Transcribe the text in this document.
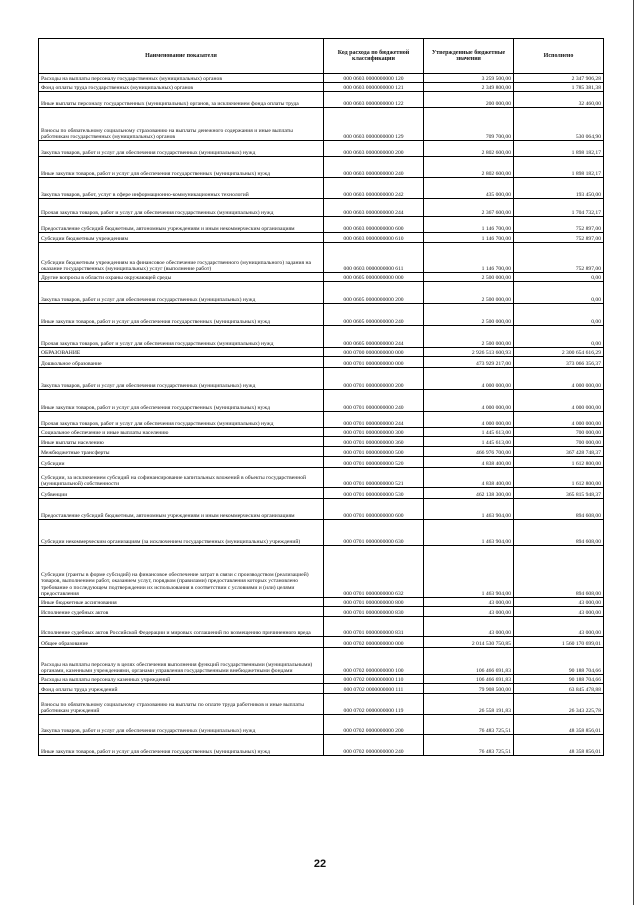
Наименование показателя	Код расхода по бюджетной классификации	Утвержденные бюджетные значения	Исполнено
Расходы на выплаты персоналу государственных (муниципальных) органов	000 0603 0000000000 120	3 259 500,00	2 347 906,28
Фонд оплаты труда государственных (муниципальных) органов	000 0603 0000000000 121	2 349 800,00	1 785 381,38
Иные выплаты персоналу государственных (муниципальных) органов, за исключением фонда оплаты труда	000 0603 0000000000 122	200 000,00	32 460,00
Взносы по обязательному социальному страхованию на выплаты денежного содержания и иные выплаты работникам государственных (муниципальных) органов	000 0603 0000000000 129	709 700,00	530 064,90
Закупка товаров, работ и услуг для обеспечения государственных (муниципальных) нужд	000 0603 0000000000 200	2 802 600,00	1 898 182,17
Иные закупки товаров, работ и услуг для обеспечения государственных (муниципальных) нужд	000 0603 0000000000 240	2 802 600,00	1 898 182,17
Закупка товаров, работ, услуг в сфере информационно-коммуникационных технологий	000 0603 0000000000 242	435 000,00	193 450,00
Прочая закупка товаров, работ и услуг для обеспечения государственных (муниципальных) нужд	000 0603 0000000000 244	2 367 600,00	1 704 732,17
Предоставление субсидий бюджетным, автономным учреждениям и иным некоммерческим организациям	000 0603 0000000000 600	1 146 700,00	752 897,00
Субсидии бюджетным учреждениям	000 0603 0000000000 610	1 146 700,00	752 897,00
Субсидии бюджетным учреждениям на финансовое обеспечение государственного (муниципального) задания на оказание государственных (муниципальных) услуг (выполнение работ)	000 0603 0000000000 611	1 146 700,00	752 897,00
Другие вопросы в области охраны окружающей среды	000 0605 0000000000 000	2 500 000,00	0,00
Закупка товаров, работ и услуг для обеспечения государственных (муниципальных) нужд	000 0605 0000000000 200	2 500 000,00	0,00
Иные закупки товаров, работ и услуг для обеспечения государственных (муниципальных) нужд	000 0605 0000000000 240	2 500 000,00	0,00
Прочая закупка товаров, работ и услуг для обеспечения государственных (муниципальных) нужд	000 0605 0000000000 244	2 500 000,00	0,00
ОБРАЗОВАНИЕ	000 0700 0000000000 000	2 926 513 600,93	2 300 654 616,29
Дошкольное образование	000 0701 0000000000 000	473 929 217,00	373 066 356,37
Закупка товаров, работ и услуг для обеспечения государственных (муниципальных) нужд	000 0701 0000000000 200	4 000 000,00	4 000 000,00
Иные закупки товаров, работ и услуг для обеспечения государственных (муниципальных) нужд	000 0701 0000000000 240	4 000 000,00	4 000 000,00
Прочая закупка товаров, работ и услуг для обеспечения государственных (муниципальных) нужд	000 0701 0000000000 244	4 000 000,00	4 000 000,00
Социальное обеспечение и иные выплаты населению	000 0701 0000000000 300	1 445 613,00	700 000,00
Иные выплаты населению	000 0701 0000000000 360	1 445 613,00	700 000,00
Межбюджетные трансферты	000 0701 0000000000 500	466 976 700,00	367 428 748,37
Субсидии	000 0701 0000000000 520	4 838 400,00	1 612 800,00
Субсидии, за исключением субсидий на софинансирование капитальных вложений в объекты государственной (муниципальной) собственности	000 0701 0000000000 521	4 838 400,00	1 612 800,00
Субвенции	000 0701 0000000000 530	462 138 300,00	365 815 948,37
Предоставление субсидий бюджетным, автономным учреждениям и иным некоммерческим организациям	000 0701 0000000000 600	1 463 904,00	894 608,00
Субсидии некоммерческим организациям (за исключением государственных (муниципальных) учреждений)	000 0701 0000000000 630	1 463 904,00	894 608,00
Субсидии (гранты в форме субсидий) на финансовое обеспечение затрат в связи с производством (реализацией) товаров, выполнением работ, оказанием услуг, порядком (правилами) предоставления которых установлено требование о последующем подтверждении их использования в соответствии с условиями и (или) целями предоставления	000 0701 0000000000 632	1 463 904,00	894 608,00
Иные бюджетные ассигнования	000 0701 0000000000 800	43 000,00	43 000,00
Исполнение судебных актов	000 0701 0000000000 830	43 000,00	43 000,00
Исполнение судебных актов Российской Федерации и мировых соглашений по возмещению причиненного вреда	000 0701 0000000000 831	43 000,00	43 000,00
Общее образование	000 0702 0000000000 000	2 014 530 750,85	1 560 170 699,01
Расходы на выплаты персоналу в целях обеспечения выполнения функций государственными (муниципальными) органами, казенными учреждениями, органами управления государственными внебюджетными фондами	000 0702 0000000000 100	106 466 691,83	90 188 704,66
Расходы на выплаты персоналу казенных учреждений	000 0702 0000000000 110	106 466 691,83	90 188 704,66
Фонд оплаты труда учреждений	000 0702 0000000000 111	79 908 500,00	63 845 478,88
Взносы по обязательному социальному страхованию на выплаты по оплате труда работников и иные выплаты работникам учреждений	000 0702 0000000000 119	26 558 191,83	26 343 225,78
Закупка товаров, работ и услуг для обеспечения государственных (муниципальных) нужд	000 0702 0000000000 200	76 483 725,51	48 358 856,01
Иные закупки товаров, работ и услуг для обеспечения государственных (муниципальных) нужд	000 0702 0000000000 240	76 483 725,51	48 358 856,01
22
